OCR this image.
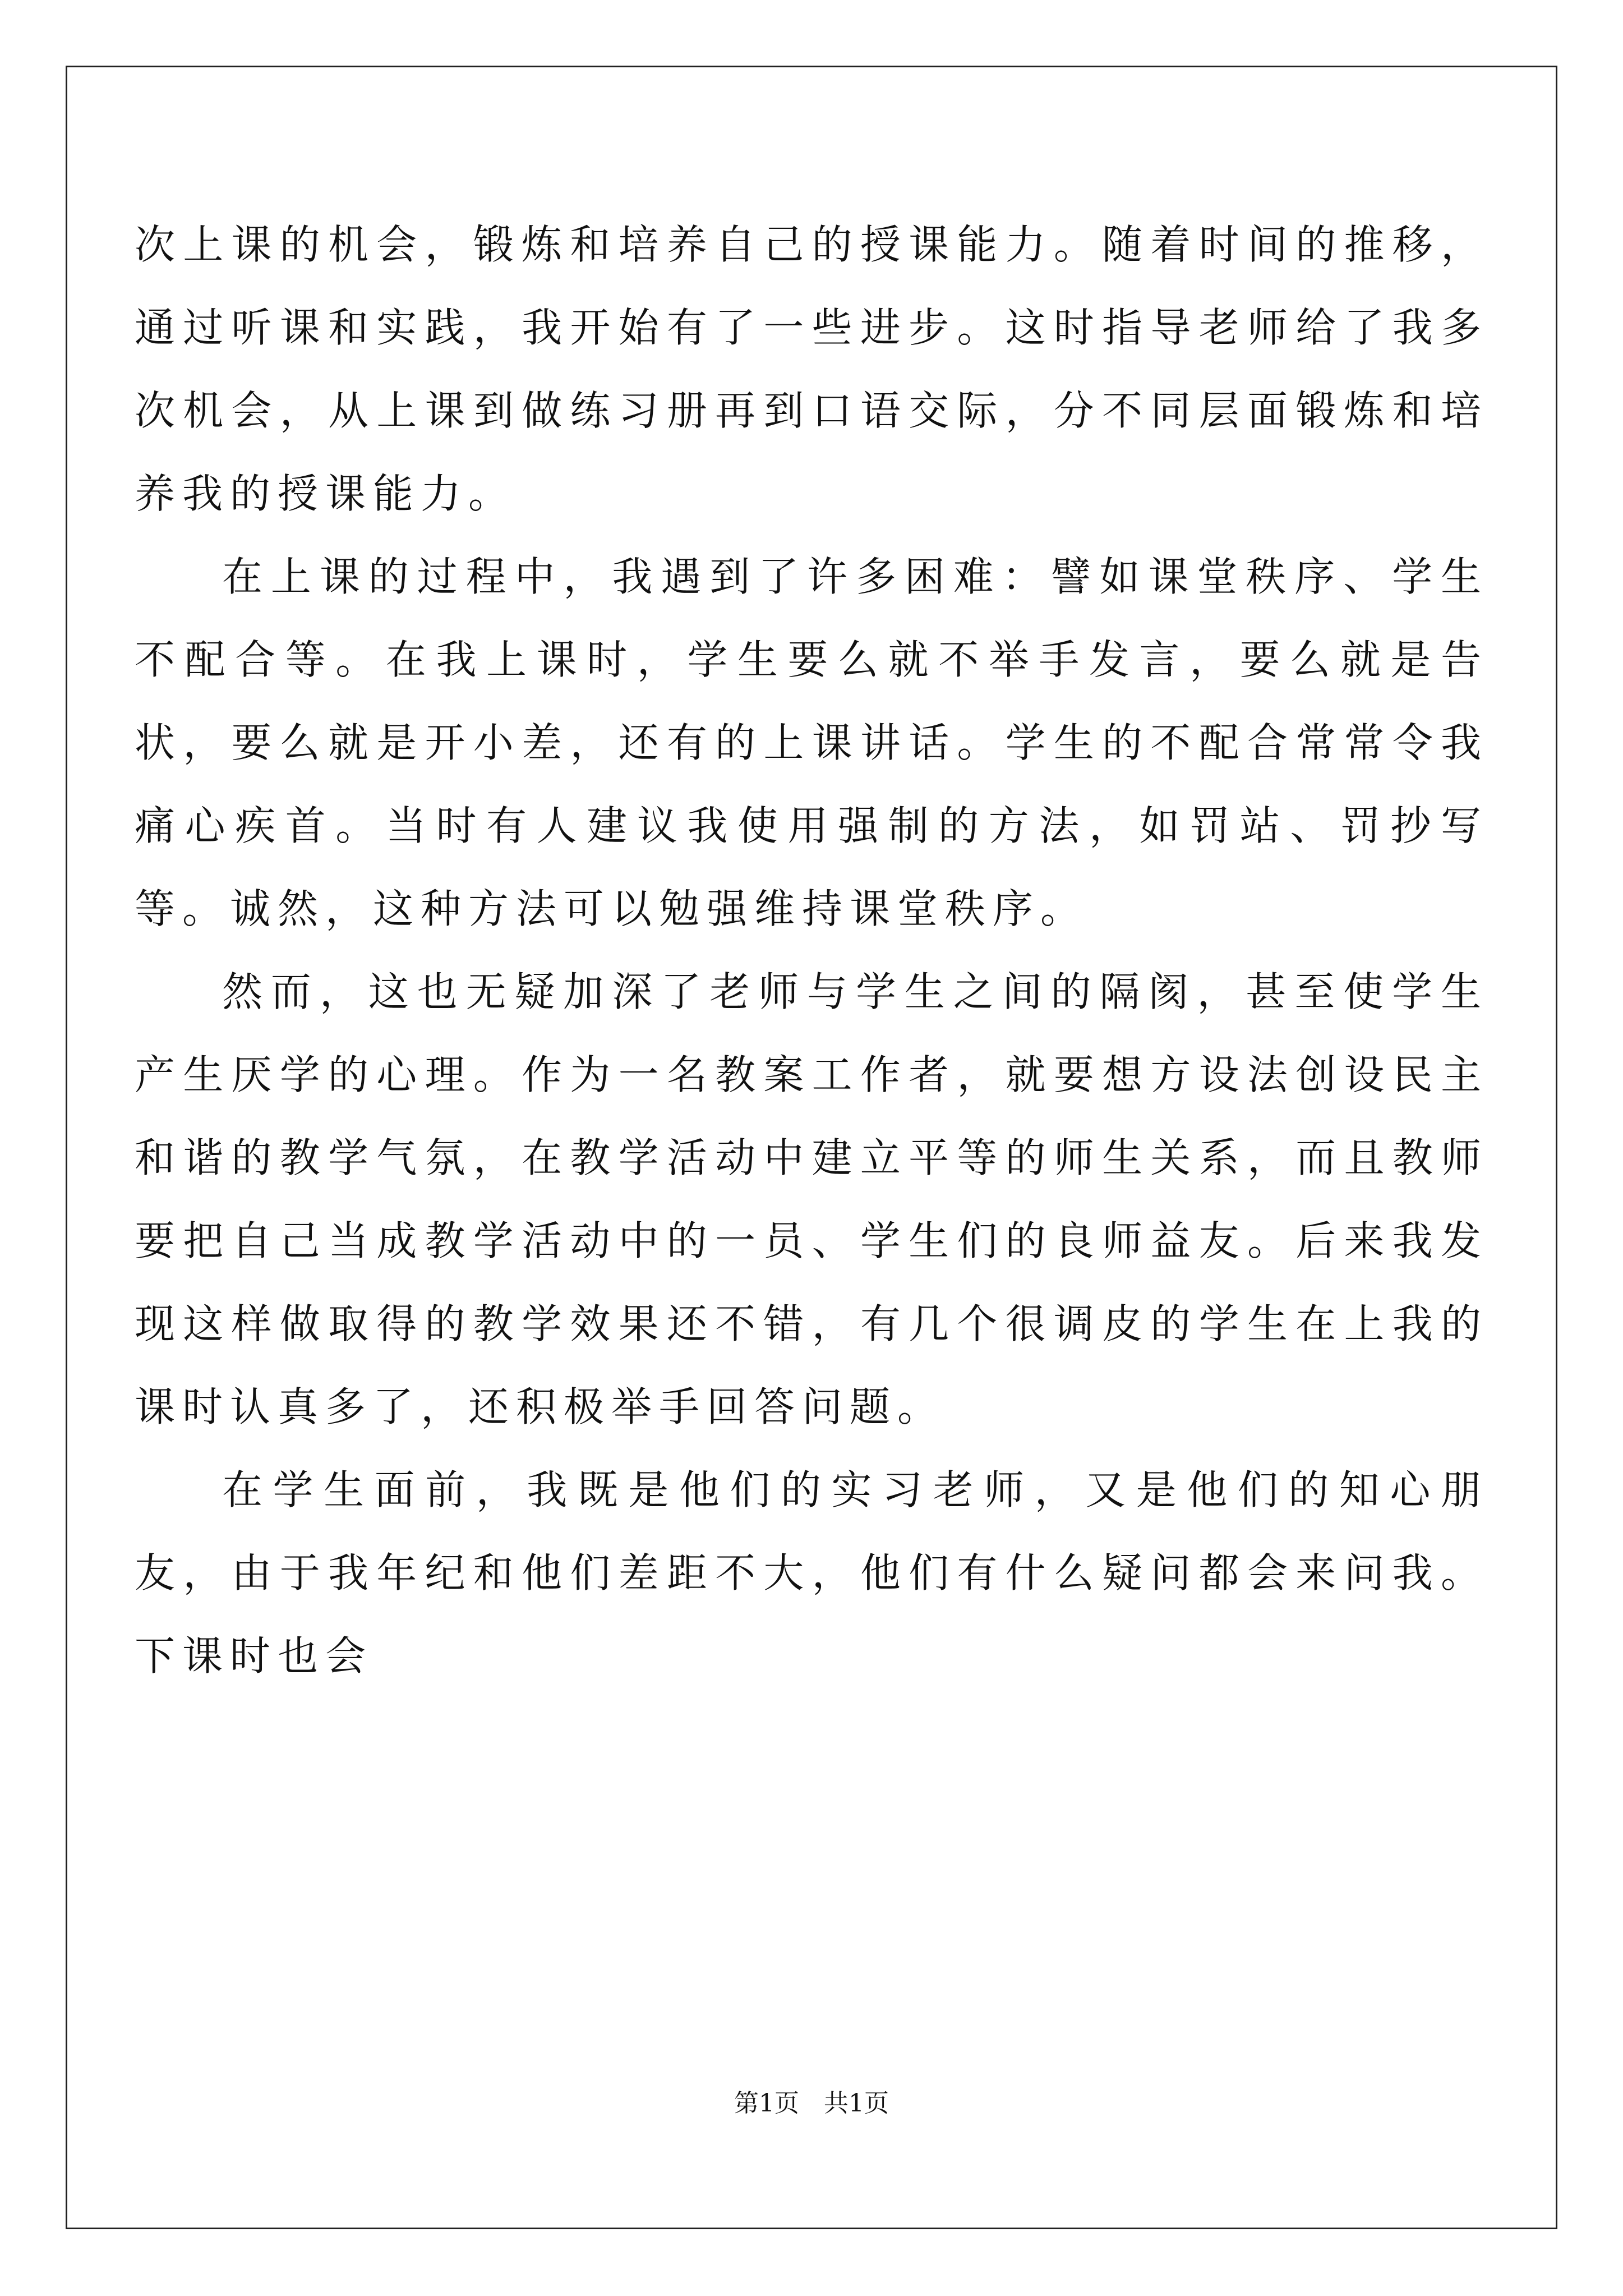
次上课的机会，锻炼和培养自己的授课能力。随着时间的推移，通过听课和实践，我开始有了一些进步。这时指导老师给了我多次机会，从上课到做练习册再到口语交际，分不同层面锻炼和培养我的授课能力。

在上课的过程中，我遇到了许多困难：譬如课堂秩序、学生不配合等。在我上课时，学生要么就不举手发言，要么就是告状，要么就是开小差，还有的上课讲话。学生的不配合常常令我痛心疾首。当时有人建议我使用强制的方法，如罚站、罚抄写等。诚然，这种方法可以勉强维持课堂秩序。

然而，这也无疑加深了老师与学生之间的隔阂，甚至使学生产生厌学的心理。作为一名教案工作者，就要想方设法创设民主和谐的教学气氛，在教学活动中建立平等的师生关系，而且教师要把自己当成教学活动中的一员、学生们的良师益友。后来我发现这样做取得的教学效果还不错，有几个很调皮的学生在上我的课时认真多了，还积极举手回答问题。

在学生面前，我既是他们的实习老师，又是他们的知心朋友，由于我年纪和他们差距不大，他们有什么疑问都会来问我。下课时也会

第1页 共1页
